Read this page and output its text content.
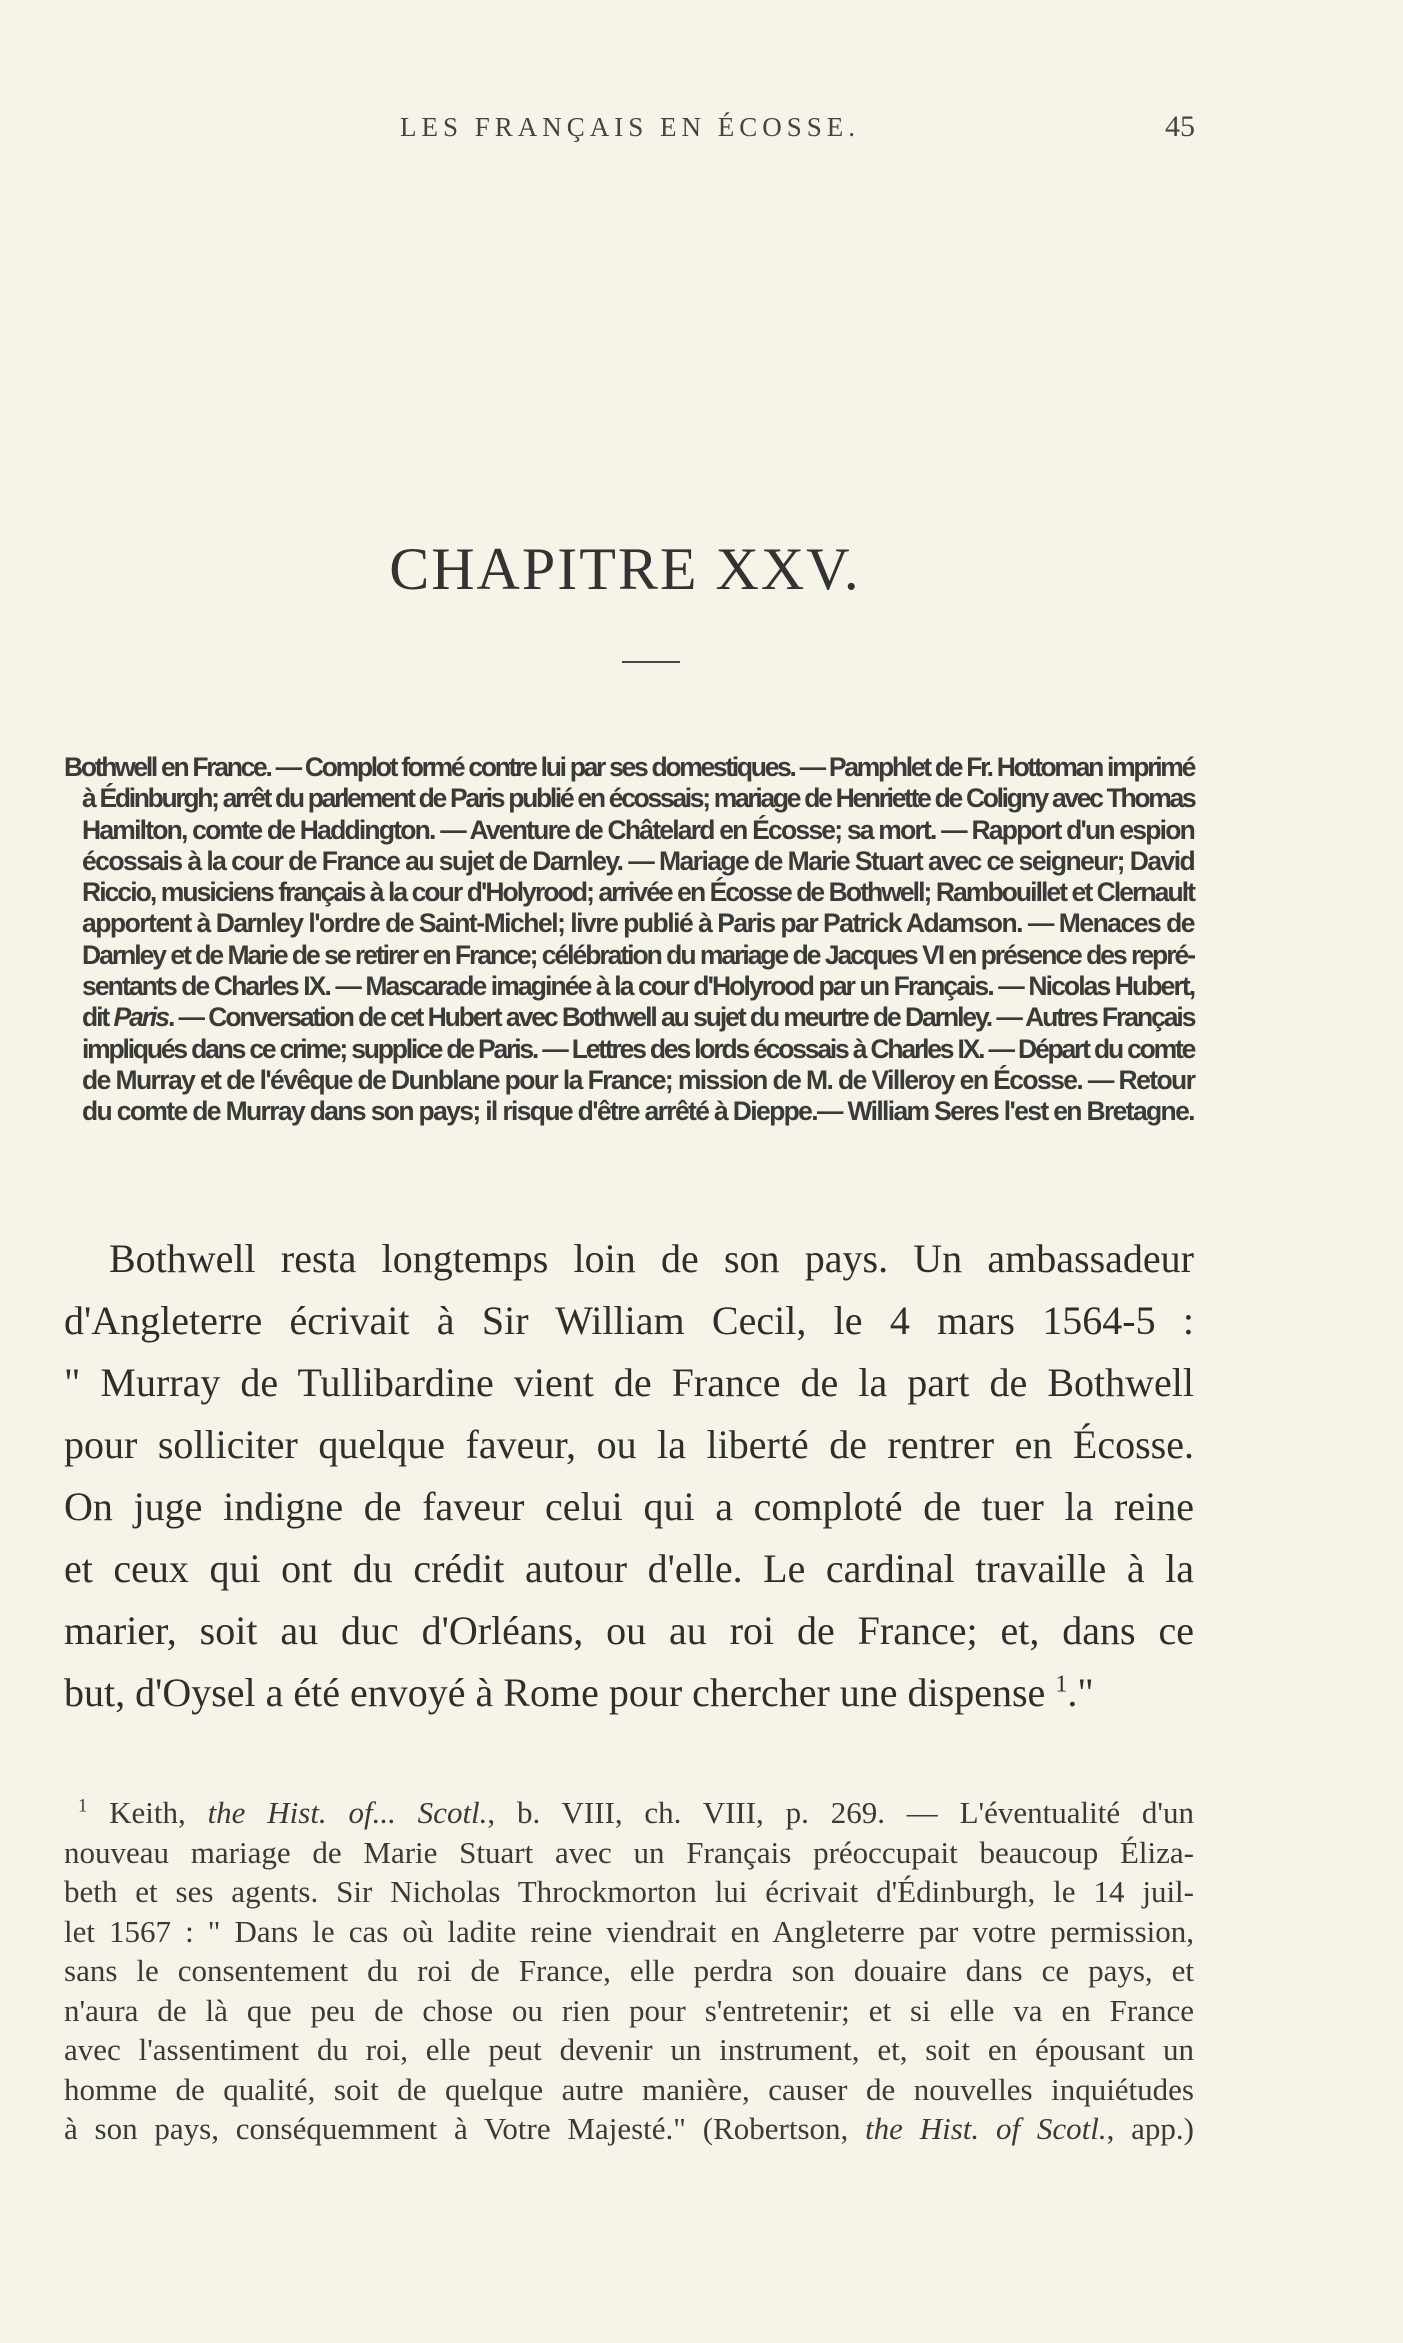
LES FRANÇAIS EN ÉCOSSE.	45
CHAPITRE XXV.
Bothwell en France. — Complot formé contre lui par ses domestiques. — Pamphlet de Fr. Hottoman imprimé
à Édinburgh; arrêt du parlement de Paris publié en écossais; mariage de Henriette de Coligny avec Thomas
Hamilton, comte de Haddington. — Aventure de Châtelard en Écosse; sa mort. — Rapport d'un espion
écossais à la cour de France au sujet de Darnley. — Mariage de Marie Stuart avec ce seigneur; David
Riccio, musiciens français à la cour d'Holyrood; arrivée en Écosse de Bothwell; Rambouillet et Clernault
apportent à Darnley l'ordre de Saint-Michel; livre publié à Paris par Patrick Adamson. — Menaces de
Darnley et de Marie de se retirer en France; célébration du mariage de Jacques VI en présence des repré-
sentants de Charles IX. — Mascarade imaginée à la cour d'Holyrood par un Français. — Nicolas Hubert,
dit Paris. — Conversation de cet Hubert avec Bothwell au sujet du meurtre de Darnley. — Autres Français
impliqués dans ce crime; supplice de Paris. — Lettres des lords écossais à Charles IX. — Départ du comte
de Murray et de l'évêque de Dunblane pour la France; mission de M. de Villeroy en Écosse. — Retour
du comte de Murray dans son pays; il risque d'être arrêté à Dieppe.— William Seres l'est en Bretagne.
Bothwell resta longtemps loin de son pays. Un ambassadeur
d'Angleterre écrivait à Sir William Cecil, le 4 mars 1564-5 :
" Murray de Tullibardine vient de France de la part de Bothwell
pour solliciter quelque faveur, ou la liberté de rentrer en Écosse.
On juge indigne de faveur celui qui a comploté de tuer la reine
et ceux qui ont du crédit autour d'elle. Le cardinal travaille à la
marier, soit au duc d'Orléans, ou au roi de France; et, dans ce
but, d'Oysel a été envoyé à Rome pour chercher une dispense $^1$."
$^1$ Keith, the Hist. of... Scotl., b. VIII, ch. VIII, p. 269. — L'éventualité d'un
nouveau mariage de Marie Stuart avec un Français préoccupait beaucoup Éliza-
beth et ses agents. Sir Nicholas Throckmorton lui écrivait d'Édinburgh, le 14 juil-
let 1567 : " Dans le cas où ladite reine viendrait en Angleterre par votre permission,
sans le consentement du roi de France, elle perdra son douaire dans ce pays, et
n'aura de là que peu de chose ou rien pour s'entretenir; et si elle va en France
avec l'assentiment du roi, elle peut devenir un instrument, et, soit en épousant un
homme de qualité, soit de quelque autre manière, causer de nouvelles inquiétudes
à son pays, conséquemment à Votre Majesté." (Robertson, the Hist. of Scotl., app.)
